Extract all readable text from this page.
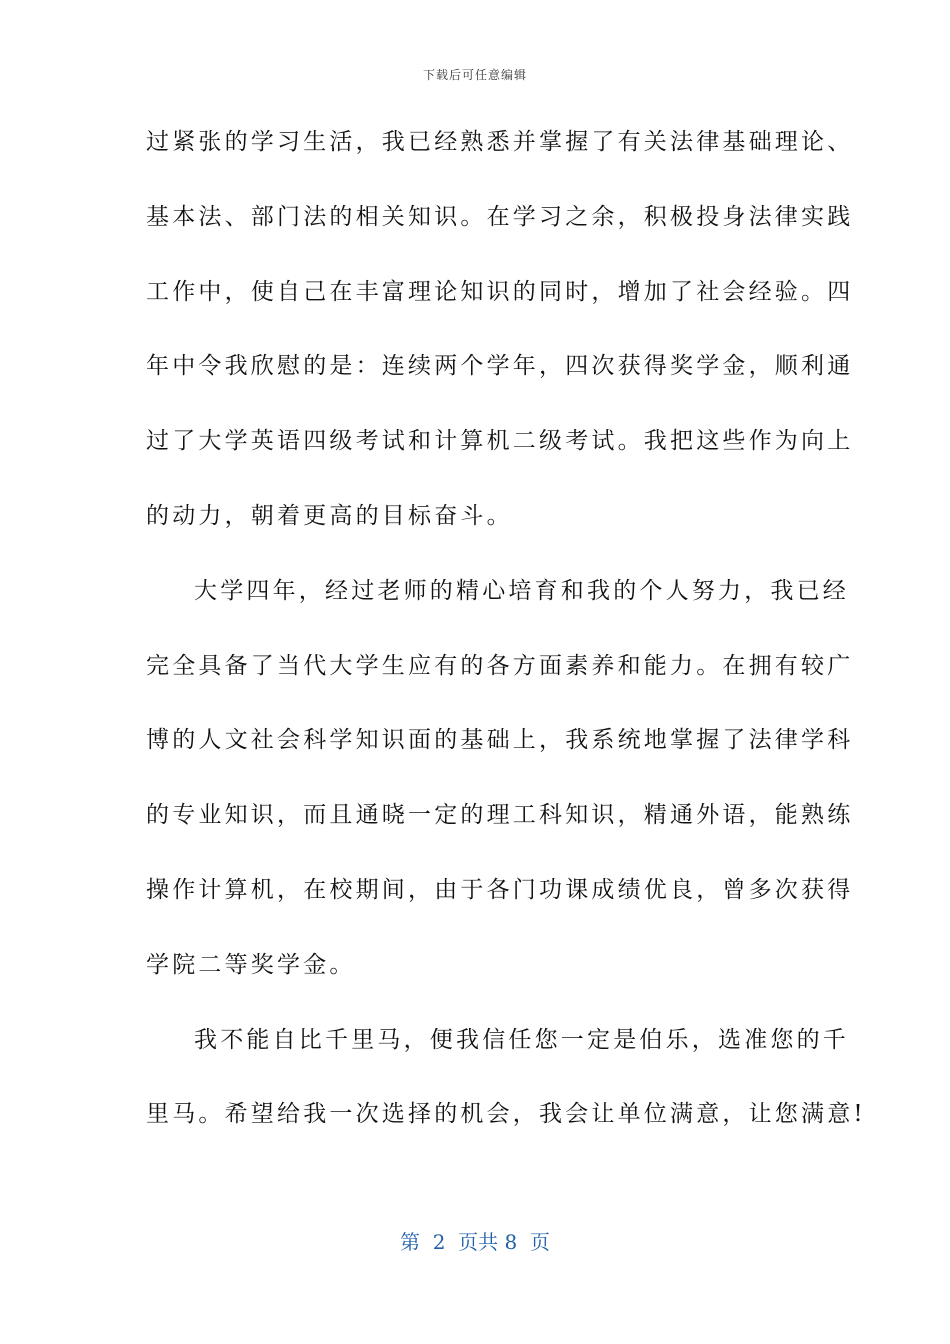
下载后可任意编辑
过紧张的学习生活，我已经熟悉并掌握了有关法律基础理论、
基本法、部门法的相关知识。在学习之余，积极投身法律实践
工作中，使自己在丰富理论知识的同时，增加了社会经验。四
年中令我欣慰的是：连续两个学年，四次获得奖学金，顺利通
过了大学英语四级考试和计算机二级考试。我把这些作为向上
的动力，朝着更高的目标奋斗。
大学四年，经过老师的精心培育和我的个人努力，我已经
完全具备了当代大学生应有的各方面素养和能力。在拥有较广
博的人文社会科学知识面的基础上，我系统地掌握了法律学科
的专业知识，而且通晓一定的理工科知识，精通外语，能熟练
操作计算机，在校期间，由于各门功课成绩优良，曾多次获得
学院二等奖学金。
我不能自比千里马，便我信任您一定是伯乐，选准您的千
里马。希望给我一次选择的机会，我会让单位满意，让您满意!
第  2  页共 8  页
